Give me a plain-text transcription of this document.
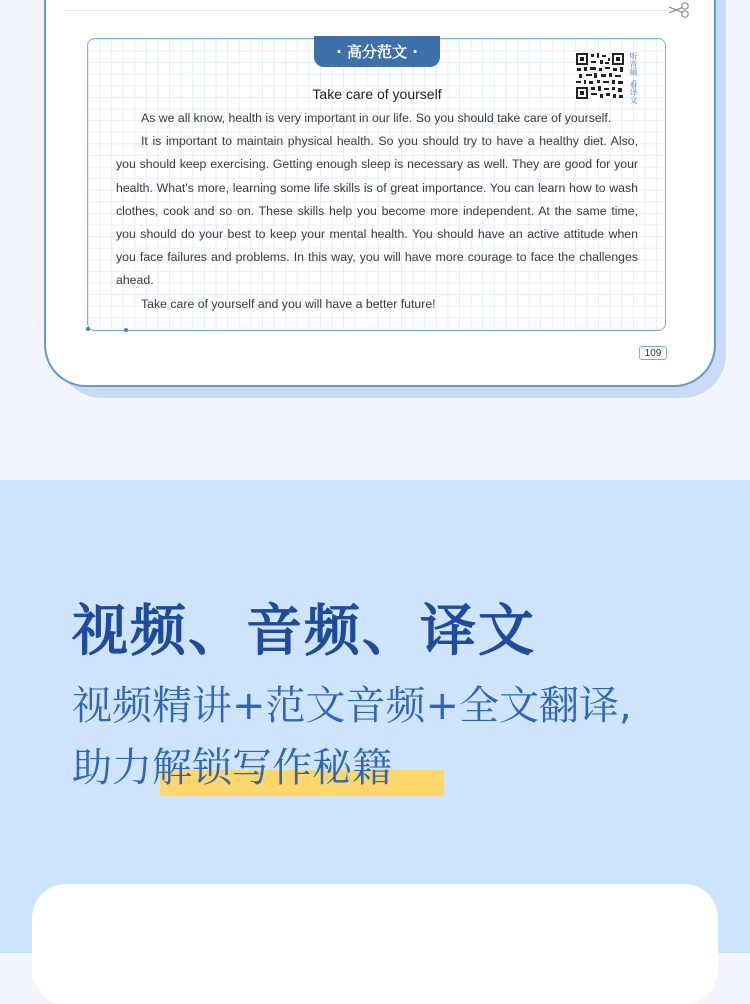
· 高分范文 ·	听音频
看译文
Take care of yourself

As we all know, health is very important in our life. So you should take care of yourself.

It is important to maintain physical health. So you should try to have a healthy diet. Also, you should keep exercising. Getting enough sleep is necessary as well. They are good for your health. What's more, learning some life skills is of great importance. You can learn how to wash clothes, cook and so on. These skills help you become more independent. At the same time, you should do your best to keep your mental health. You should have an active attitude when you face failures and problems. In this way, you will have more courage to face the challenges ahead.

Take care of yourself and you will have a better future!

109
视频、音频、译文
视频精讲+范文音频+全文翻译,
助力解锁写作秘籍
